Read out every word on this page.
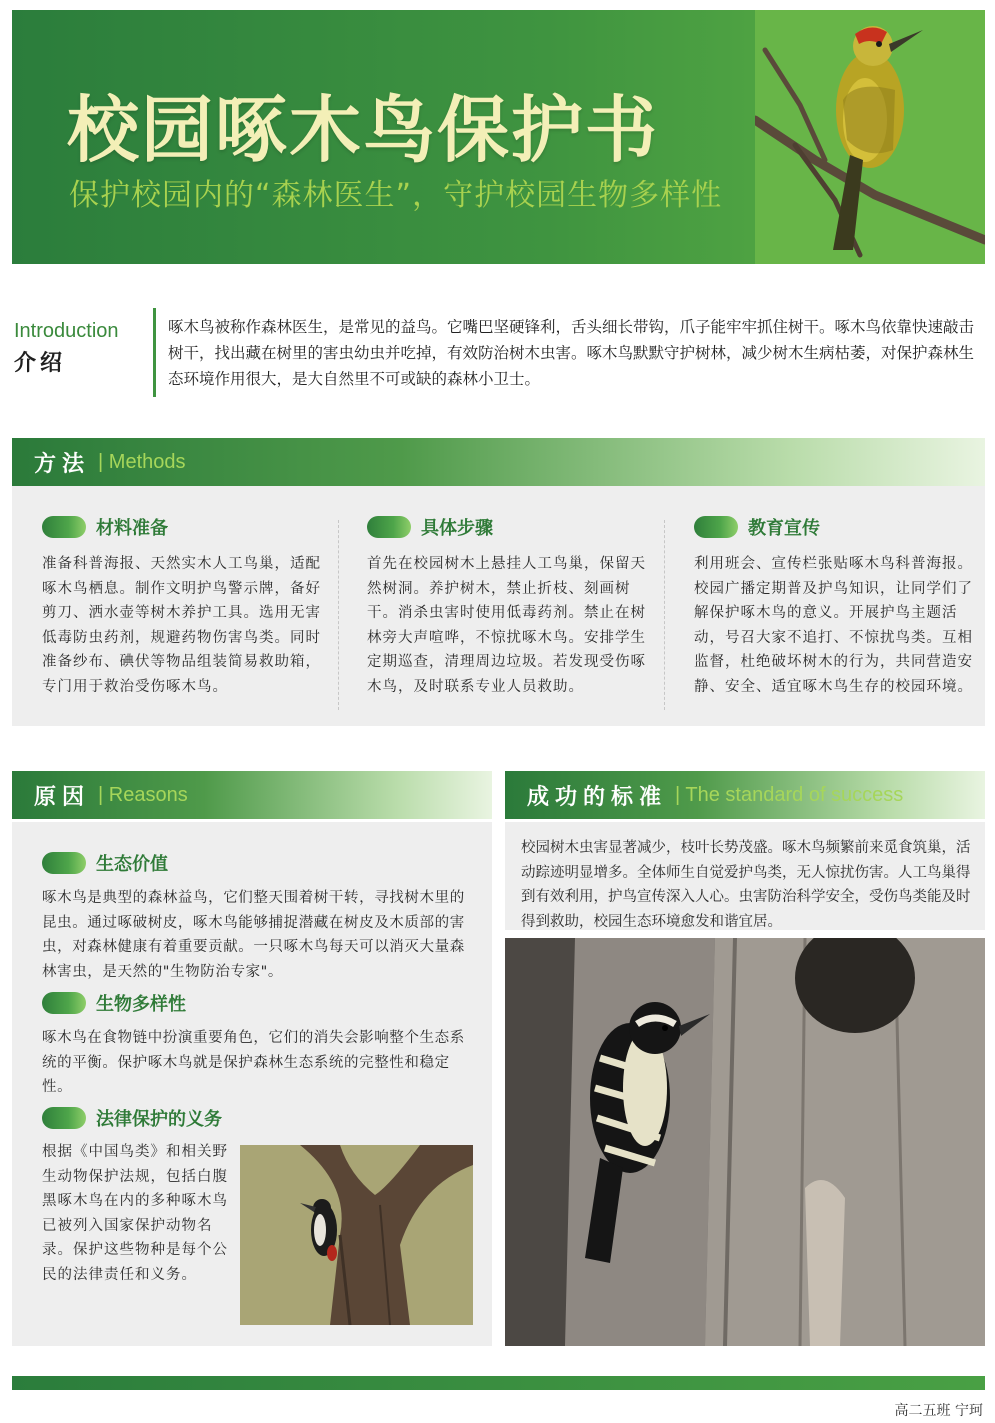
校园啄木鸟保护书
保护校园内的“森林医生”，守护校园生物多样性
Introduction
介绍
啄木鸟被称作森林医生，是常见的益鸟。它嘴巴坚硬锋利，舌头细长带钩，爪子能牢牢抓住树干。啄木鸟依靠快速敲击树干，找出藏在树里的害虫幼虫并吃掉，有效防治树木虫害。啄木鸟默默守护树林，减少树木生病枯萎，对保护森林生态环境作用很大，是大自然里不可或缺的森林小卫士。
方法 | Methods
材料准备
准备科普海报、天然实木人工鸟巢，适配啄木鸟栖息。制作文明护鸟警示牌，备好剪刀、洒水壶等树木养护工具。选用无害低毒防虫药剂，规避药物伤害鸟类。同时准备纱布、碘伏等物品组装简易救助箱，专门用于救治受伤啄木鸟。
具体步骤
首先在校园树木上悬挂人工鸟巢，保留天然树洞。养护树木，禁止折枝、刻画树干。消杀虫害时使用低毒药剂。禁止在树林旁大声喧哗，不惊扰啄木鸟。安排学生定期巡查，清理周边垃圾。若发现受伤啄木鸟，及时联系专业人员救助。
教育宣传
利用班会、宣传栏张贴啄木鸟科普海报。校园广播定期普及护鸟知识，让同学们了解保护啄木鸟的意义。开展护鸟主题活动，号召大家不追打、不惊扰鸟类。互相监督，杜绝破坏树木的行为，共同营造安静、安全、适宜啄木鸟生存的校园环境。
原因 | Reasons
生态价值
啄木鸟是典型的森林益鸟，它们整天围着树干转，寻找树木里的昆虫。通过啄破树皮，啄木鸟能够捕捉潜藏在树皮及木质部的害虫，对森林健康有着重要贡献。一只啄木鸟每天可以消灭大量森林害虫，是天然的"生物防治专家"。
生物多样性
啄木鸟在食物链中扮演重要角色，它们的消失会影响整个生态系统的平衡。保护啄木鸟就是保护森林生态系统的完整性和稳定性。
法律保护的义务
根据《中国鸟类》和相关野生动物保护法规，包括白腹黑啄木鸟在内的多种啄木鸟已被列入国家保护动物名录。保护这些物种是每个公民的法律责任和义务。
成功的标准 | The standard of success
校园树木虫害显著减少，枝叶长势茂盛。啄木鸟频繁前来觅食筑巢，活动踪迹明显增多。全体师生自觉爱护鸟类，无人惊扰伤害。人工鸟巢得到有效利用，护鸟宣传深入人心。虫害防治科学安全，受伤鸟类能及时得到救助，校园生态环境愈发和谐宜居。
高二五班 宁珂
